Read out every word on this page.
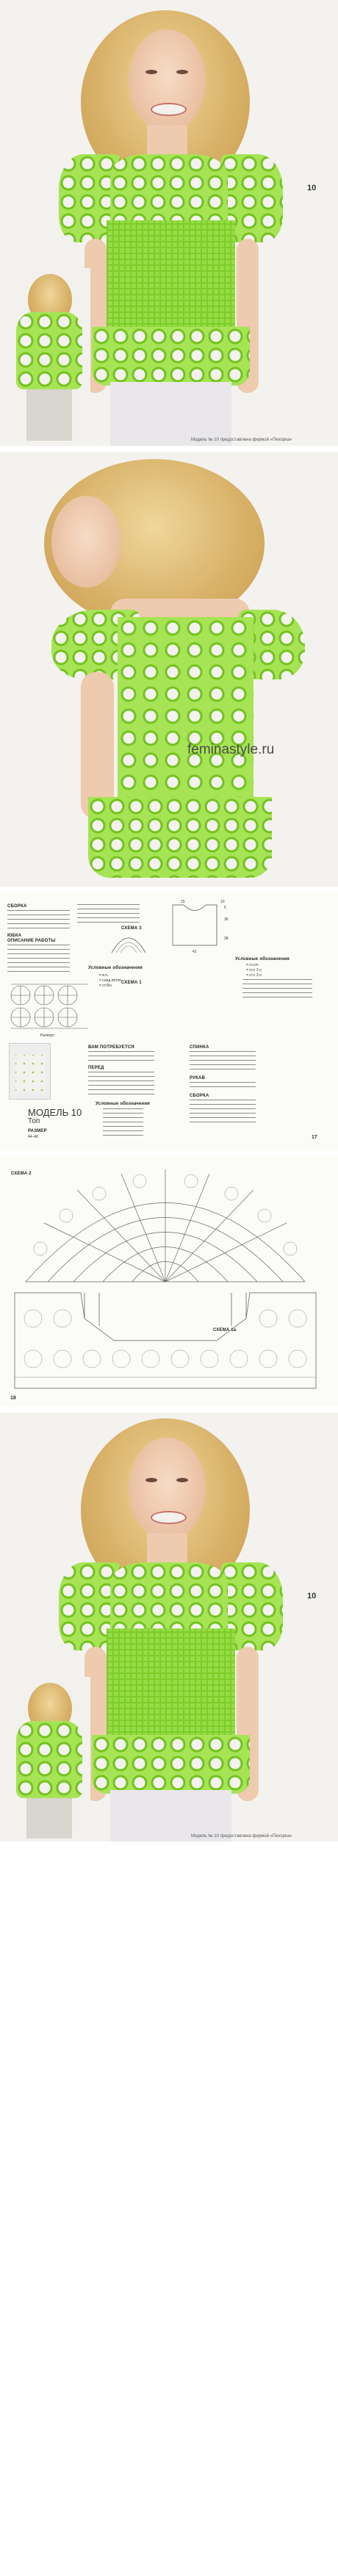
10
Модель № 10 предоставлена фирмой «Пехорка»
feminastyle.ru
СБОРКА
ЮБКА
ОПИСАНИЕ РАБОТЫ
СХЕМА 3
Условные обозначения
= в.п.
= соед.петля
= ст.б/н
Раппорт
15	10
5
36
38
41
СХЕМА 1
Условные обозначения
= ст.с/н
= ст.с 2 н
= ст.с 3 н
ВАМ ПОТРЕБУЕТСЯ
ПЕРЕД
МОДЕЛЬ 10
Топ
РАЗМЕР
44–46
Условные обозначения
СПИНКА
РУКАВ
СБОРКА
17
СХЕМА 2
СХЕМА 1а
18
10
Модель № 10 предоставлена фирмой «Пехорка»
